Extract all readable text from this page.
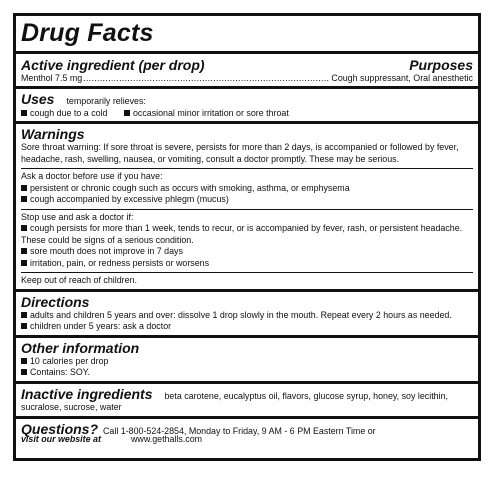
Drug Facts
Active ingredient (per drop)	Purposes
Menthol 7.5 mg
.....	Cough suppressant, Oral anesthetic
Uses temporarily relieves:
cough due to a cold	occasional minor irritation or sore throat
Warnings
Sore throat warning: If sore throat is severe, persists for more than 2 days, is accompanied or followed by fever, headache, rash, swelling, nausea, or vomiting, consult a doctor promptly. These may be serious.
Ask a doctor before use if you have:
persistent or chronic cough such as occurs with smoking, asthma, or emphysema
cough accompanied by excessive phlegm (mucus)
Stop use and ask a doctor if:
cough persists for more than 1 week, tends to recur, or is accompanied by fever, rash, or persistent headache. These could be signs of a serious condition.
sore mouth does not improve in 7 days
irritation, pain, or redness persists or worsens
Keep out of reach of children.
Directions
adults and children 5 years and over: dissolve 1 drop slowly in the mouth. Repeat every 2 hours as needed.
children under 5 years: ask a doctor
Other information
10 calories per drop
Contains: SOY.
Inactive ingredients beta carotene, eucalyptus oil, flavors, glucose syrup, honey, soy lecithin,
sucralose, sucrose, water
Questions? Call 1-800-524-2854, Monday to Friday, 9 AM - 6 PM Eastern Time or
visit our website at	www.gethalls.com
